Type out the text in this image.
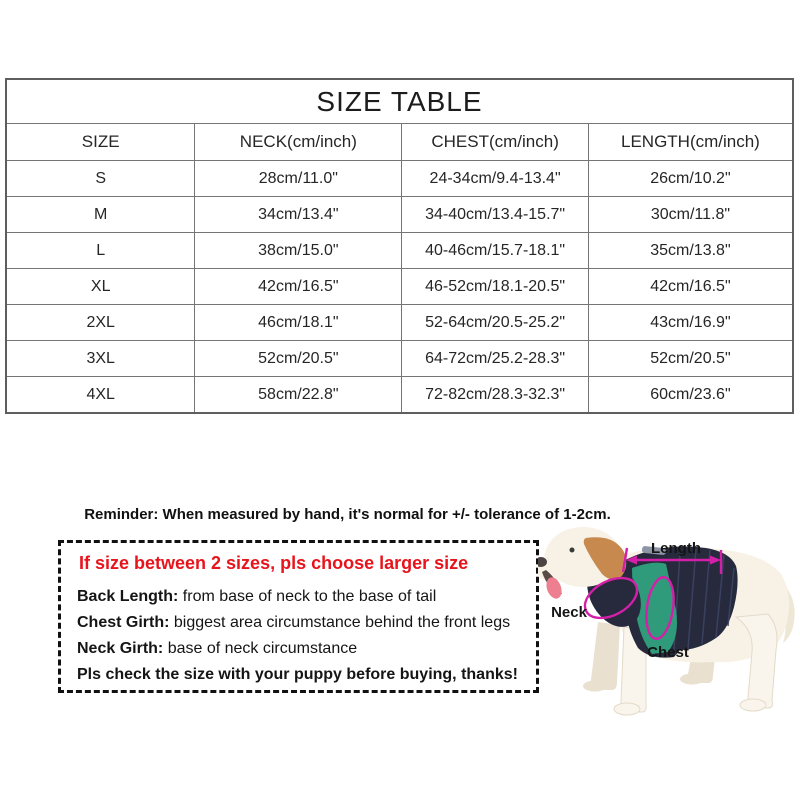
SIZE TABLE			
SIZE	NECK(cm/inch)	CHEST(cm/inch)	LENGTH(cm/inch)
S	28cm/11.0"	24-34cm/9.4-13.4"	26cm/10.2"
M	34cm/13.4"	34-40cm/13.4-15.7"	30cm/11.8"
L	38cm/15.0"	40-46cm/15.7-18.1"	35cm/13.8"
XL	42cm/16.5"	46-52cm/18.1-20.5"	42cm/16.5"
2XL	46cm/18.1"	52-64cm/20.5-25.2"	43cm/16.9"
3XL	52cm/20.5"	64-72cm/25.2-28.3"	52cm/20.5"
4XL	58cm/22.8"	72-82cm/28.3-32.3"	60cm/23.6"
Reminder: When measured by hand, it's normal for +/- tolerance of 1-2cm.
If size between 2 sizes, pls choose larger size
Back Length: from base of neck to the base of tail
Chest Girth: biggest area circumstance behind the front legs
Neck Girth: base of neck circumstance
Pls check the size with your puppy before buying, thanks!
Length
Neck
Chest
